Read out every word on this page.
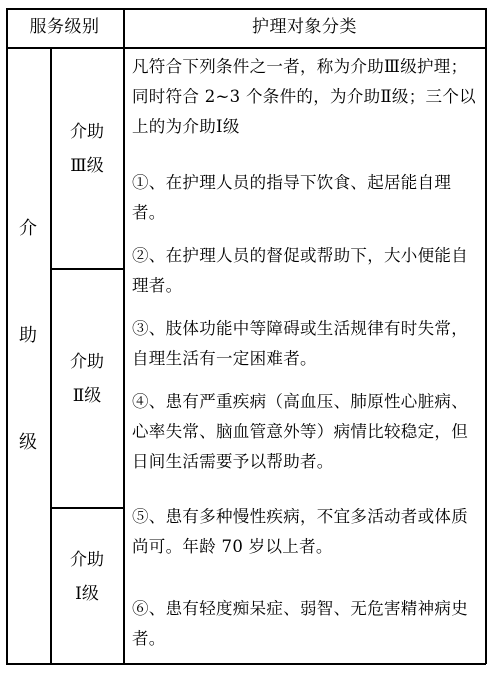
服务级别	护理对象分类
介
助
级
介助
Ⅲ级
介助
Ⅱ级
介助
Ⅰ级

凡符合下列条件之一者，称为介助Ⅲ级护理；同时符合 2~3 个条件的，为介助Ⅱ级；三个以上的为介助Ⅰ级

①、在护理人员的指导下饮食、起居能自理者。

②、在护理人员的督促或帮助下，大小便能自理者。

③、肢体功能中等障碍或生活规律有时失常，自理生活有一定困难者。

④、患有严重疾病（高血压、肺原性心脏病、心率失常、脑血管意外等）病情比较稳定，但日间生活需要予以帮助者。

⑤、患有多种慢性疾病，不宜多活动者或体质尚可。年龄 70 岁以上者。

⑥、患有轻度痴呆症、弱智、无危害精神病史者。
